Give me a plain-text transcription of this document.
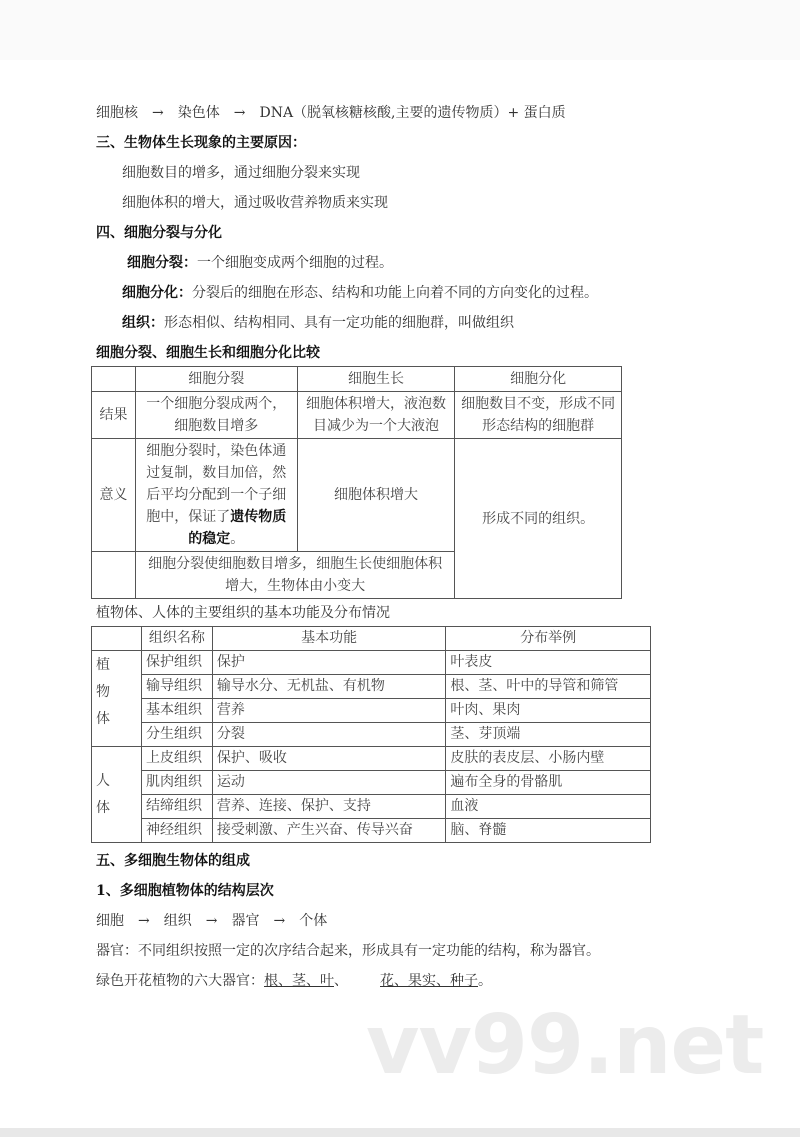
细胞核 → 染色体 → DNA（脱氧核糖核酸,主要的遗传物质）+ 蛋白质
三、生物体生长现象的主要原因：
细胞数目的增多，通过细胞分裂来实现
细胞体积的增大，通过吸收营养物质来实现
四、细胞分裂与分化
细胞分裂：一个细胞变成两个细胞的过程。
细胞分化：分裂后的细胞在形态、结构和功能上向着不同的方向变化的过程。
组织：形态相似、结构相同、具有一定功能的细胞群，叫做组织
细胞分裂、细胞生长和细胞分化比较
	细胞分裂	细胞生长	细胞分化
结果	一个细胞分裂成两个，细胞数目增多	细胞体积增大，液泡数目减少为一个大液泡	细胞数目不变，形成不同形态结构的细胞群
意义	细胞分裂时，染色体通过复制，数目加倍，然后平均分配到一个子细胞中，保证了遗传物质的稳定。	细胞体积增大	形成不同的组织。
	细胞分裂使细胞数目增多，细胞生长使细胞体积增大，生物体由小变大		
植物体、人体的主要组织的基本功能及分布情况
	组织名称	基本功能	分布举例
植物体	保护组织	保护	叶表皮
	输导组织	输导水分、无机盐、有机物	根、茎、叶中的导管和筛管
	基本组织	营养	叶肉、果肉
	分生组织	分裂	茎、芽顶端
人体	上皮组织	保护、吸收	皮肤的表皮层、小肠内壁
	肌肉组织	运动	遍布全身的骨骼肌
	结缔组织	营养、连接、保护、支持	血液
	神经组织	接受刺激、产生兴奋、传导兴奋	脑、脊髓
五、多细胞生物体的组成
1、多细胞植物体的结构层次
细胞 → 组织 → 器官 → 个体
器官：不同组织按照一定的次序结合起来，形成具有一定功能的结构，称为器官。
绿色开花植物的六大器官：根、茎、叶、 花、果实、种子。
vv99.net
